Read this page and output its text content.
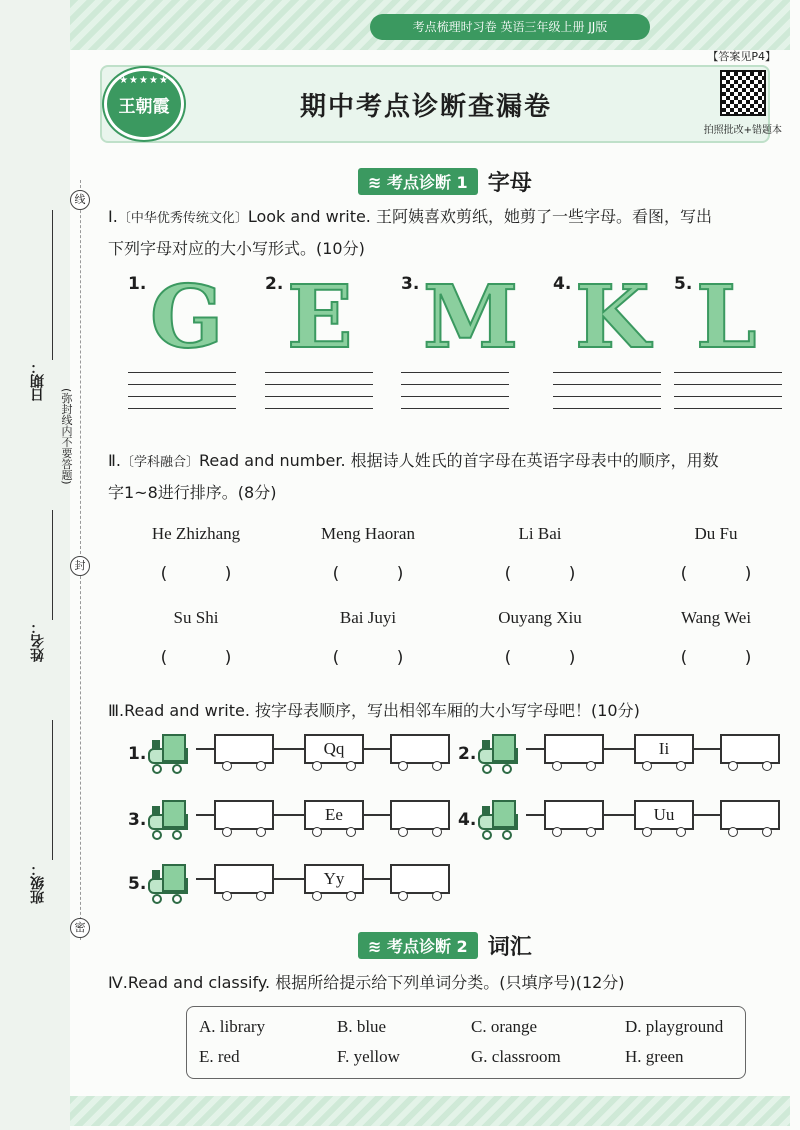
考点梳理时习卷 英语三年级上册 JJ版
【答案见P4】
★★★★★
王朝霞	期中考点诊断查漏卷
拍照批改+错题本
线
封
密
日期：
(弥封线内不要答题)
姓名：
班级：
≋ 考点诊断 1 字母
Ⅰ.〔中华优秀传统文化〕Look and write. 王阿姨喜欢剪纸，她剪了一些字母。看图，写出
下列字母对应的大小写形式。(10分)
1. G 2. E	3. M 4. K 5. L
Ⅱ.〔学科融合〕Read and number. 根据诗人姓氏的首字母在英语字母表中的顺序，用数
字1~8进行排序。(8分)
He Zhizhang	Meng Haoran	Li Bai	Du Fu
( )	( )	( )	( )
Su Shi	Bai Juyi	Ouyang Xiu	Wang Wei
( )	( )	( )	( )
Ⅲ.Read and write. 按字母表顺序，写出相邻车厢的大小写字母吧！(10分)
1.	Qq	2.	Ii
3.	Ee	4.	Uu
5.	Yy
≋ 考点诊断 2 词汇
Ⅳ.Read and classify. 根据所给提示给下列单词分类。(只填序号)(12分)
A. library	B. blue	C. orange	D. playground
E. red	F. yellow	G. classroom	H. green
